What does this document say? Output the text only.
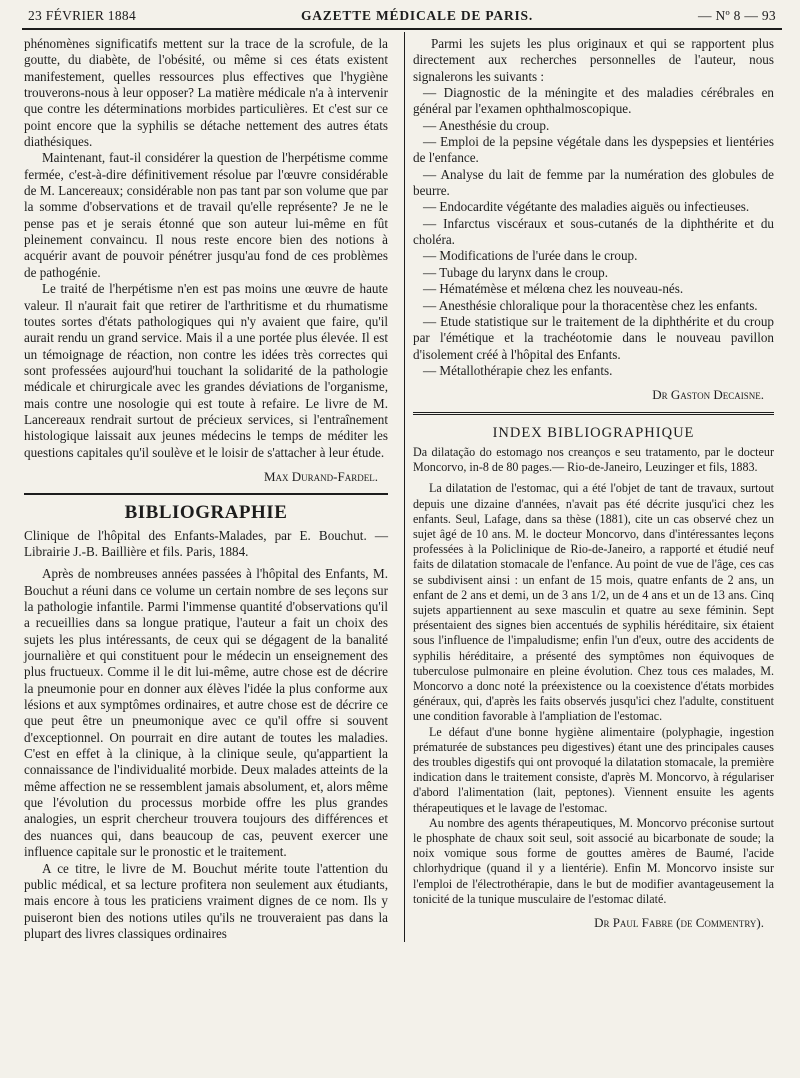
23 FÉVRIER 1884	GAZETTE MÉDICALE DE PARIS.	— Nº 8 — 93

phénomènes significatifs mettent sur la trace de la scrofule, de la goutte, du diabète, de l'obésité, ou même si ces états existent manifestement, quelles ressources plus effectives que l'hygiène trouverons-nous à leur opposer? La matière médicale n'a à intervenir que contre les déterminations morbides particulières. Et c'est sur ce point encore que la syphilis se détache nettement des autres états diathésiques.

Maintenant, faut-il considérer la question de l'herpétisme comme fermée, c'est-à-dire définitivement résolue par l'œuvre considérable de M. Lancereaux; considérable non pas tant par son volume que par la somme d'observations et de travail qu'elle représente? Je ne le pense pas et je serais étonné que son auteur lui-même en fût pleinement convaincu. Il nous reste encore bien des notions à acquérir avant de pouvoir pénétrer jusqu'au fond de ces problèmes de pathogénie.

Le traité de l'herpétisme n'en est pas moins une œuvre de haute valeur. Il n'aurait fait que retirer de l'arthritisme et du rhumatisme toutes sortes d'états pathologiques qui n'y avaient que faire, qu'il aurait rendu un grand service. Mais il a une portée plus élevée. Il est un témoignage de réaction, non contre les idées très correctes qui sont professées aujourd'hui touchant la solidarité de la pathologie médicale et chirurgicale avec les grandes déviations de l'organisme, mais contre une nosologie qui est toute à refaire. Le livre de M. Lancereaux rendrait surtout de précieux services, si l'entraînement histologique laissait aux jeunes médecins le temps de méditer les questions capitales qu'il soulève et le loisir de s'attacher à leur étude.

Max Durand-Fardel.
BIBLIOGRAPHIE
Clinique de l'hôpital des Enfants-Malades, par E. Bouchut. — Librairie J.-B. Baillière et fils. Paris, 1884.

Après de nombreuses années passées à l'hôpital des Enfants, M. Bouchut a réuni dans ce volume un certain nombre de ses leçons sur la pathologie infantile. Parmi l'immense quantité d'observations qu'il a recueillies dans sa longue pratique, l'auteur a fait un choix des sujets les plus intéressants, de ceux qui se dégagent de la banalité journalière et qui constituent pour le médecin un enseignement des plus fructueux. Comme il le dit lui-même, autre chose est de décrire la pneumonie pour en donner aux élèves l'idée la plus conforme aux lésions et aux symptômes ordinaires, et autre chose est de décrire ce que peut être un pneumonique avec ce qu'il offre si souvent d'exceptionnel. On pourrait en dire autant de toutes les maladies. C'est en effet à la clinique, à la clinique seule, qu'appartient la connaissance de l'individualité morbide. Deux malades atteints de la même affection ne se ressemblent jamais absolument, et, alors même que l'évolution du processus morbide offre les plus grandes analogies, un esprit chercheur trouvera toujours des différences et des nuances qui, dans beaucoup de cas, peuvent exercer une influence capitale sur le pronostic et le traitement.

A ce titre, le livre de M. Bouchut mérite toute l'attention du public médical, et sa lecture profitera non seulement aux étudiants, mais encore à tous les praticiens vraiment dignes de ce nom. Ils y puiseront bien des notions utiles qu'ils ne trouveraient pas dans la plupart des livres classiques ordinaires

Parmi les sujets les plus originaux et qui se rapportent plus directement aux recherches personnelles de l'auteur, nous signalerons les suivants :

— Diagnostic de la méningite et des maladies cérébrales en général par l'examen ophthalmoscopique.
— Anesthésie du croup.
— Emploi de la pepsine végétale dans les dyspepsies et lientéries de l'enfance.
— Analyse du lait de femme par la numération des globules de beurre.
— Endocardite végétante des maladies aiguës ou infectieuses.
— Infarctus viscéraux et sous-cutanés de la diphthérite et du choléra.
— Modifications de l'urée dans le croup.
— Tubage du larynx dans le croup.
— Hématémèse et mélœna chez les nouveau-nés.
— Anesthésie chloralique pour la thoracentèse chez les enfants.
— Etude statistique sur le traitement de la diphthérite et du croup par l'émétique et la trachéotomie dans le nouveau pavillon d'isolement créé à l'hôpital des Enfants.
— Métallothérapie chez les enfants.
Dr Gaston Decaisne.
INDEX BIBLIOGRAPHIQUE
Da dilatação do estomago nos creanços e seu tratamento, par le docteur Moncorvo, in-8 de 80 pages.— Rio-de-Janeiro, Leuzinger et fils, 1883.

La dilatation de l'estomac, qui a été l'objet de tant de travaux, surtout depuis une dizaine d'années, n'avait pas été décrite jusqu'ici chez les enfants. Seul, Lafage, dans sa thèse (1881), cite un cas observé chez un sujet âgé de 10 ans. M. le docteur Moncorvo, dans d'intéressantes leçons professées à la Policlinique de Rio-de-Janeiro, a rapporté et étudié neuf faits de dilatation stomacale de l'enfance. Au point de vue de l'âge, ces cas se subdivisent ainsi : un enfant de 15 mois, quatre enfants de 2 ans, un enfant de 2 ans et demi, un de 3 ans 1/2, un de 4 ans et un de 13 ans. Cinq sujets appartiennent au sexe masculin et quatre au sexe féminin. Sept présentaient des signes bien accentués de syphilis héréditaire, six étaient sous l'influence de l'impaludisme; enfin l'un d'eux, outre des accidents de syphilis héréditaire, a présenté des symptômes non équivoques de tuberculose pulmonaire en pleine évolution. Chez tous ces malades, M. Moncorvo a donc noté la préexistence ou la coexistence d'états morbides généraux, qui, d'après les faits observés jusqu'ici chez l'adulte, constituent une condition favorable à l'ampliation de l'estomac.

Le défaut d'une bonne hygiène alimentaire (polyphagie, ingestion prématurée de substances peu digestives) étant une des principales causes des troubles digestifs qui ont provoqué la dilatation stomacale, la première indication dans le traitement consiste, d'après M. Moncorvo, à régulariser d'abord l'alimentation (lait, peptones). Viennent ensuite les agents thérapeutiques et le lavage de l'estomac.

Au nombre des agents thérapeutiques, M. Moncorvo préconise surtout le phosphate de chaux soit seul, soit associé au bicarbonate de soude; la noix vomique sous forme de gouttes amères de Baumé, l'acide chlorhydrique (quand il y a lientérie). Enfin M. Moncorvo insiste sur l'emploi de l'électrothérapie, dans le but de modifier avantageusement la tonicité de la tunique musculaire de l'estomac dilaté.

Dr Paul Fabre (de Commentry).
